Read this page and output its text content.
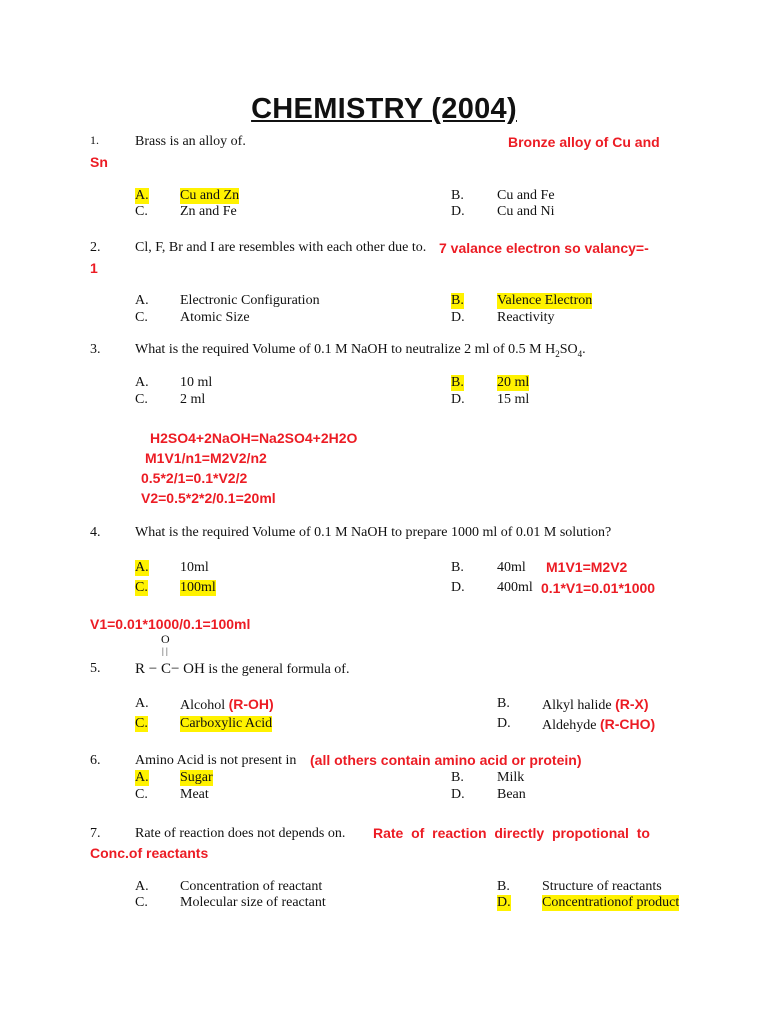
CHEMISTRY (2004)
1.	Brass is an alloy of.	Bronze alloy of Cu and
Sn
A. Cu and Zn	B. Cu and Fe
C. Zn and Fe	D. Cu and Ni
2. Cl, F, Br and I are resembles with each other due to. 7 valance electron so valancy=-
1
A. Electronic Configuration	B. Valence Electron
C. Atomic Size	D. Reactivity
3. What is the required Volume of 0.1 M NaOH to neutralize 2 ml of 0.5 M $H_2SO_4$.
A. 10 ml	B. 20 ml
C. 2 ml	D. 15 ml
H2SO4+2NaOH=Na2SO4+2H2O
M1V1/n1=M2V2/n2
0.5*2/1=0.1*V2/2
V2=0.5*2*2/0.1=20ml
4. What is the required Volume of 0.1 M NaOH to prepare 1000 ml of 0.01 M solution?
A. 10ml	B. 40ml M1V1=M2V2
C. 100ml	D. 400ml 0.1*V1=0.01*1000
V1=0.01*1000/0.1=100ml
O
| |
5. R − C− OH is the general formula of.
A. Alcohol (R-OH)	B. Alkyl halide (R-X)
C. Carboxylic Acid	D. Aldehyde (R-CHO)
6. Amino Acid is not present in (all others contain amino acid or protein)
A. Sugar	B. Milk
C. Meat	D. Bean
7. Rate of reaction does not depends on. Rate  of  reaction  directly  propotional  to
Conc.of reactants
A. Concentration of reactant	B. Structure of reactants
C. Molecular size of reactant	D. Concentrationof product
